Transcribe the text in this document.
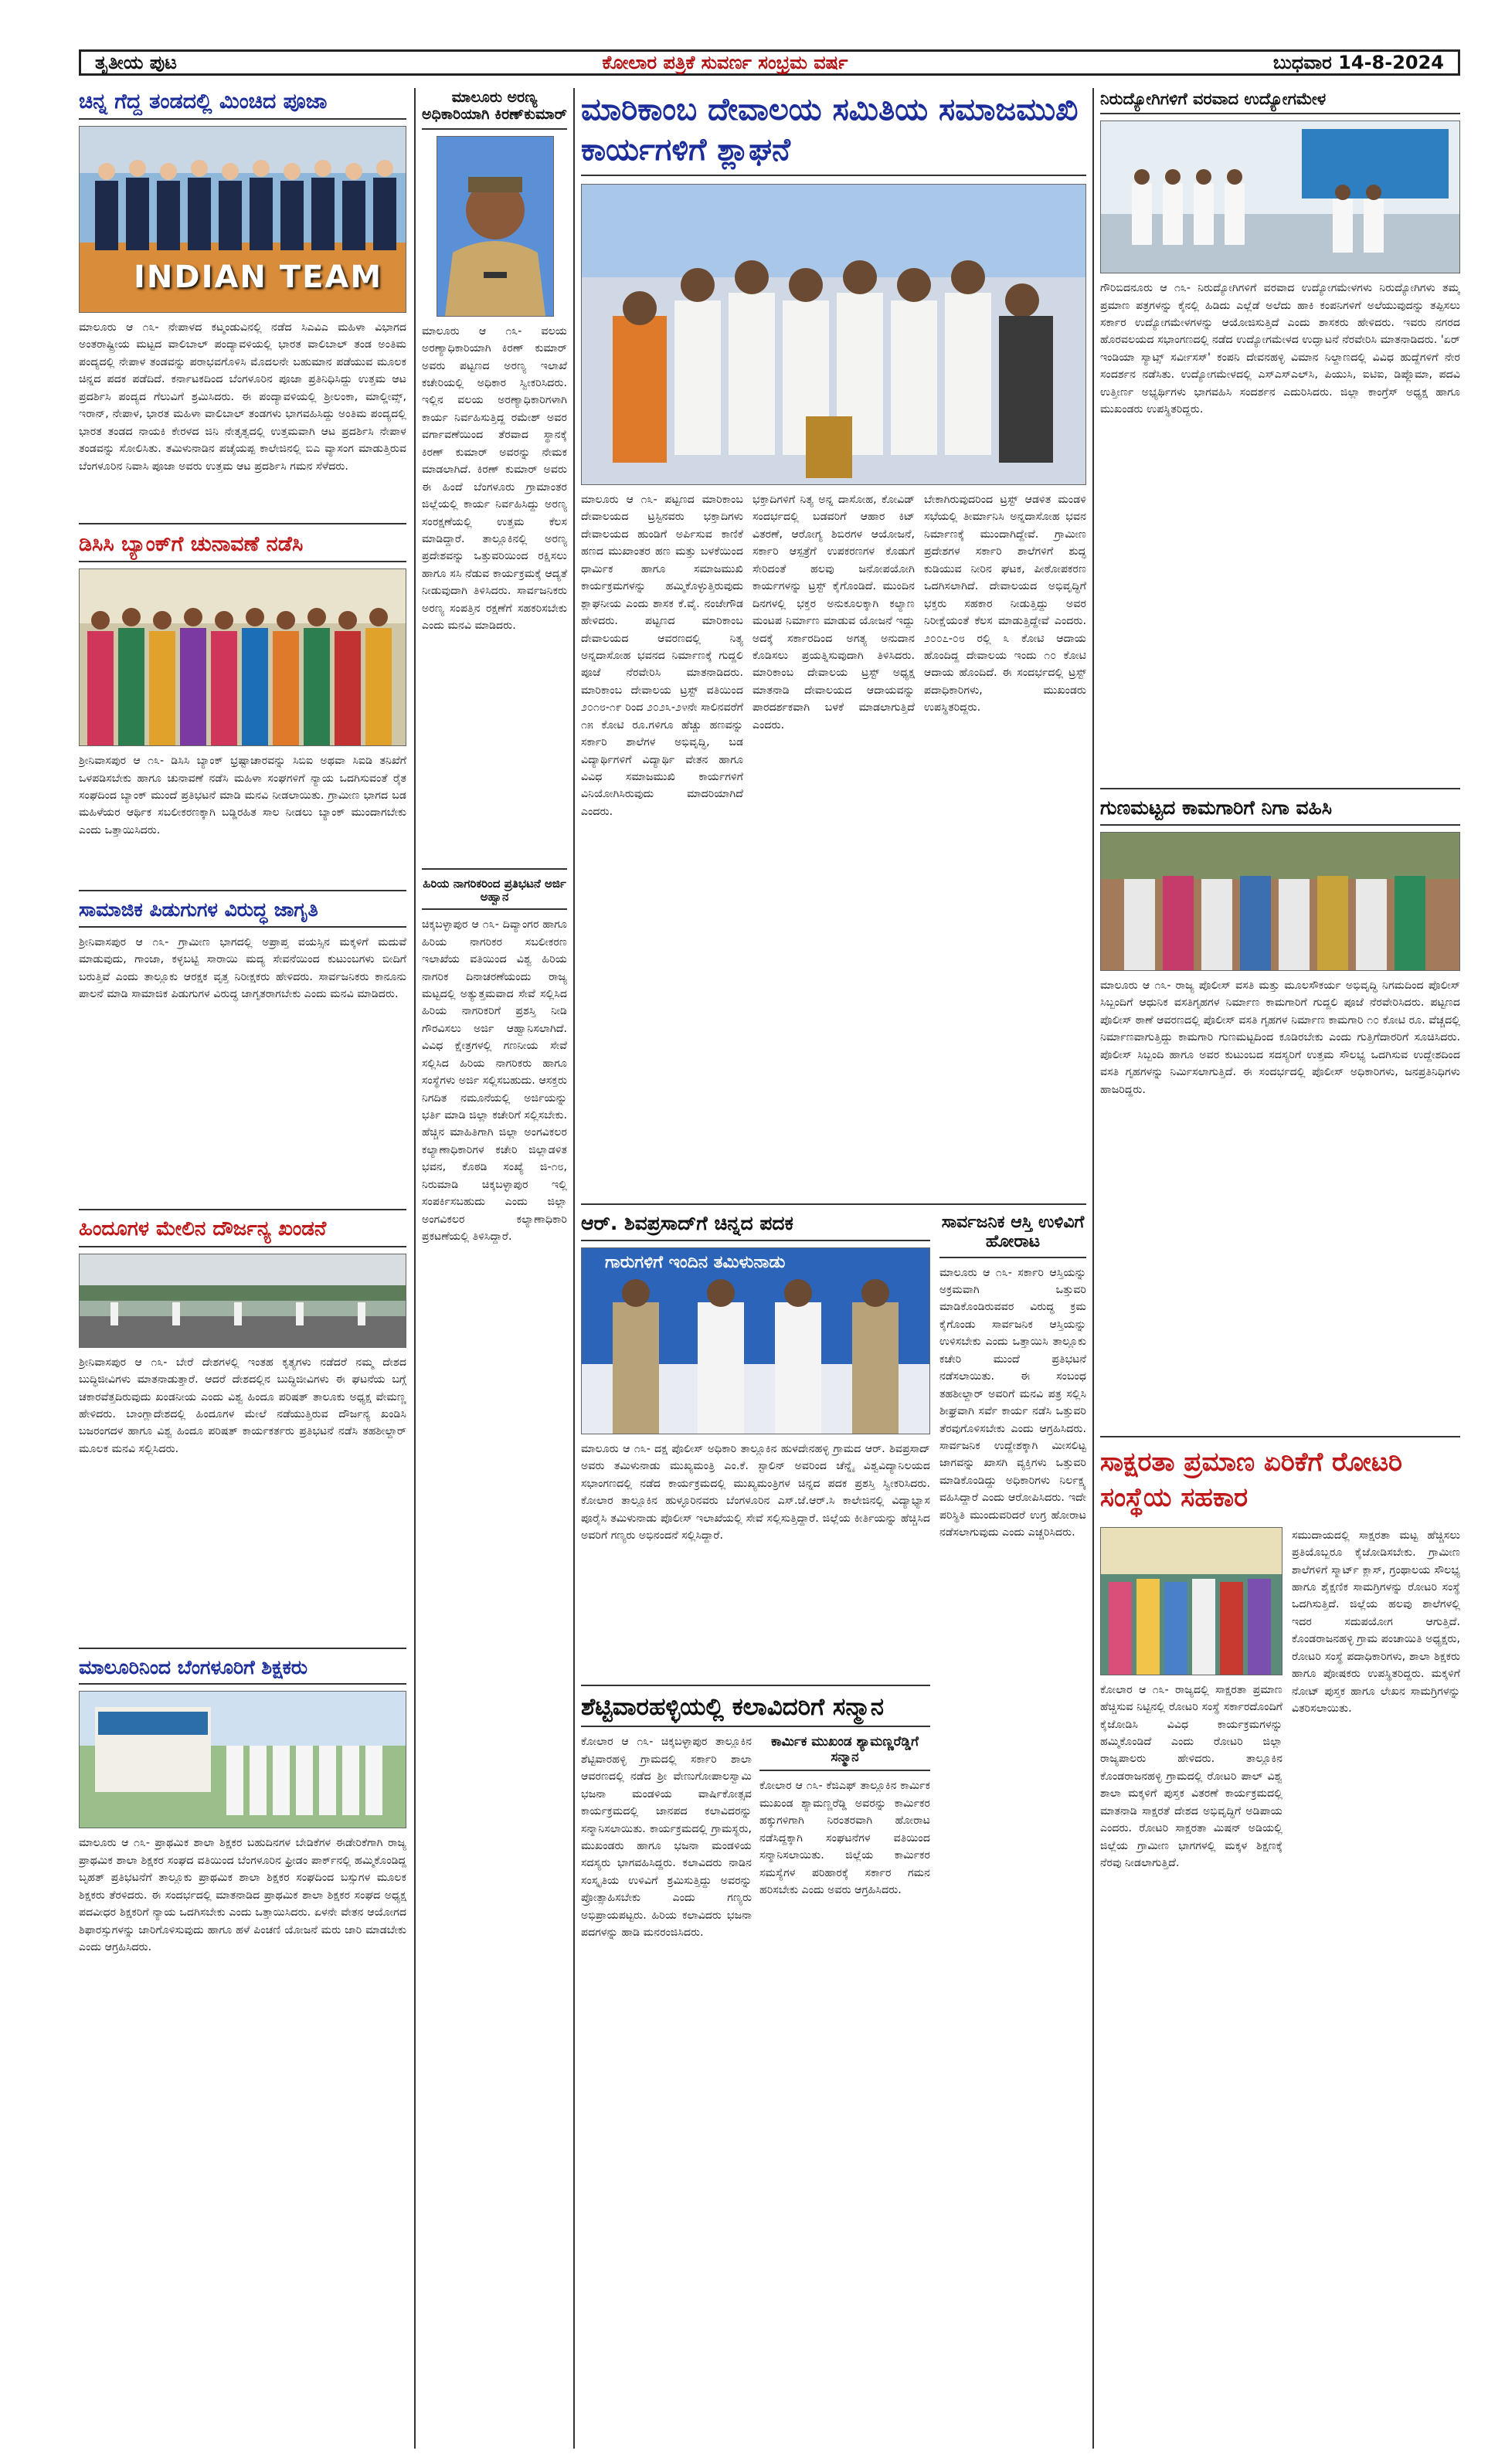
ತೃತೀಯ ಪುಟ	ಕೋಲಾರ ಪತ್ರಿಕೆ ಸುವರ್ಣ ಸಂಭ್ರಮ ವರ್ಷ	ಬುಧವಾರ 14-8-2024
ಚಿನ್ನ ಗೆದ್ದ ತಂಡದಲ್ಲಿ ಮಿಂಚಿದ ಪೂಜಾ
INDIAN TEAM

ಮಾಲೂರು ಆ ೧೩- ನೇಪಾಳದ ಕಟ್ಮಂಡುವಿನಲ್ಲಿ ನಡೆದ ಸಿಎವಿಎ ಮಹಿಳಾ ವಿಭಾಗದ ಅಂತರಾಷ್ಟ್ರೀಯ ಮಟ್ಟದ ವಾಲಿಬಾಲ್ ಪಂದ್ಯಾವಳಿಯಲ್ಲಿ ಭಾರತ ವಾಲಿಬಾಲ್ ತಂಡ ಅಂತಿಮ ಪಂದ್ಯದಲ್ಲಿ ನೇಪಾಳ ತಂಡವನ್ನು ಪರಾಭವಗೊಳಿಸಿ ಮೊದಲನೇ ಬಹುಮಾನ ಪಡೆಯುವ ಮೂಲಕ ಚಿನ್ನದ ಪದಕ ಪಡೆದಿದೆ. ಕರ್ನಾಟಕದಿಂದ ಬೆಂಗಳೂರಿನ ಪೂಜಾ ಪ್ರತಿನಿಧಿಸಿದ್ದು ಉತ್ತಮ ಆಟ ಪ್ರದರ್ಶಿಸಿ ಪಂದ್ಯದ ಗೆಲುವಿಗೆ ಶ್ರಮಿಸಿದರು. ಈ ಪಂದ್ಯಾವಳಿಯಲ್ಲಿ ಶ್ರೀಲಂಕಾ, ಮಾಲ್ಡೀವ್ಸ್, ಇರಾನ್, ನೇಪಾಳ, ಭಾರತ ಮಹಿಳಾ ವಾಲಿಬಾಲ್ ತಂಡಗಳು ಭಾಗವಹಿಸಿದ್ದು ಅಂತಿಮ ಪಂದ್ಯದಲ್ಲಿ ಭಾರತ ತಂಡದ ನಾಯಕಿ ಕೇರಳದ ಜಿನಿ ನೇತೃತ್ವದಲ್ಲಿ ಉತ್ತಮವಾಗಿ ಆಟ ಪ್ರದರ್ಶಿಸಿ ನೇಪಾಳ ತಂಡವನ್ನು ಸೋಲಿಸಿತು. ತಮಿಳುನಾಡಿನ ಪಚೈಯಪ್ಪ ಕಾಲೇಜಿನಲ್ಲಿ ಬಿಎ ವ್ಯಾಸಂಗ ಮಾಡುತ್ತಿರುವ ಬೆಂಗಳೂರಿನ ನಿವಾಸಿ ಪೂಜಾ ಅವರು ಉತ್ತಮ ಆಟ ಪ್ರದರ್ಶಿಸಿ ಗಮನ ಸೆಳೆದರು.

ಡಿಸಿಸಿ ಬ್ಯಾಂಕ್‌ಗೆ ಚುನಾವಣೆ ನಡೆಸಿ

ಶ್ರೀನಿವಾಸಪುರ ಆ ೧೩- ಡಿಸಿಸಿ ಬ್ಯಾಂಕ್ ಭ್ರಷ್ಟಾಚಾರವನ್ನು ಸಿಬಿಐ ಅಥವಾ ಸಿಐಡಿ ತನಿಖೆಗೆ ಒಳಪಡಿಸಬೇಕು ಹಾಗೂ ಚುನಾವಣೆ ನಡೆಸಿ ಮಹಿಳಾ ಸಂಘಗಳಿಗೆ ನ್ಯಾಯ ಒದಗಿಸುವಂತೆ ರೈತ ಸಂಘದಿಂದ ಬ್ಯಾಂಕ್ ಮುಂದೆ ಪ್ರತಿಭಟನೆ ಮಾಡಿ ಮನವಿ ನೀಡಲಾಯಿತು. ಗ್ರಾಮೀಣ ಭಾಗದ ಬಡ ಮಹಿಳೆಯರ ಆರ್ಥಿಕ ಸಬಲೀಕರಣಕ್ಕಾಗಿ ಬಡ್ಡಿರಹಿತ ಸಾಲ ನೀಡಲು ಬ್ಯಾಂಕ್ ಮುಂದಾಗಬೇಕು ಎಂದು ಒತ್ತಾಯಿಸಿದರು.

ಸಾಮಾಜಿಕ ಪಿಡುಗುಗಳ ವಿರುದ್ಧ ಜಾಗೃತಿ

ಶ್ರೀನಿವಾಸಪುರ ಆ ೧೩- ಗ್ರಾಮೀಣ ಭಾಗದಲ್ಲಿ ಅಪ್ರಾಪ್ತ ವಯಸ್ಸಿನ ಮಕ್ಕಳಿಗೆ ಮದುವೆ ಮಾಡುವುದು, ಗಾಂಜಾ, ಕಳ್ಳಬಟ್ಟಿ ಸಾರಾಯಿ ಮದ್ಯ ಸೇವನೆಯಿಂದ ಕುಟುಂಬಗಳು ಬೀದಿಗೆ ಬರುತ್ತಿವೆ ಎಂದು ತಾಲ್ಲೂಕು ಆರಕ್ಷಕ ವೃತ್ತ ನಿರೀಕ್ಷಕರು ಹೇಳಿದರು. ಸಾರ್ವಜನಿಕರು ಕಾನೂನು ಪಾಲನೆ ಮಾಡಿ ಸಾಮಾಜಿಕ ಪಿಡುಗುಗಳ ವಿರುದ್ಧ ಜಾಗೃತರಾಗಬೇಕು ಎಂದು ಮನವಿ ಮಾಡಿದರು.

ಹಿಂದೂಗಳ ಮೇಲಿನ ದೌರ್ಜನ್ಯ ಖಂಡನೆ

ಶ್ರೀನಿವಾಸಪುರ ಆ ೧೩- ಬೇರೆ ದೇಶಗಳಲ್ಲಿ ಇಂತಹ ಕೃತ್ಯಗಳು ನಡೆದರೆ ನಮ್ಮ ದೇಶದ ಬುದ್ಧಿಜೀವಿಗಳು ಮಾತನಾಡುತ್ತಾರೆ. ಆದರೆ ದೇಶದಲ್ಲಿನ ಬುದ್ಧಿಜೀವಿಗಳು ಈ ಘಟನೆಯ ಬಗ್ಗೆ ಚಕಾರವೆತ್ತದಿರುವುದು ಖಂಡನೀಯ ಎಂದು ವಿಶ್ವ ಹಿಂದೂ ಪರಿಷತ್ ತಾಲೂಕು ಅಧ್ಯಕ್ಷ ವೇಮಣ್ಣ ಹೇಳಿದರು. ಬಾಂಗ್ಲಾದೇಶದಲ್ಲಿ ಹಿಂದೂಗಳ ಮೇಲೆ ನಡೆಯುತ್ತಿರುವ ದೌರ್ಜನ್ಯ ಖಂಡಿಸಿ ಬಜರಂಗದಳ ಹಾಗೂ ವಿಶ್ವ ಹಿಂದೂ ಪರಿಷತ್ ಕಾರ್ಯಕರ್ತರು ಪ್ರತಿಭಟನೆ ನಡೆಸಿ ತಹಶೀಲ್ದಾರ್ ಮೂಲಕ ಮನವಿ ಸಲ್ಲಿಸಿದರು.

ಮಾಲೂರಿನಿಂದ ಬೆಂಗಳೂರಿಗೆ ಶಿಕ್ಷಕರು

ಮಾಲೂರು ಆ ೧೩- ಪ್ರಾಥಮಿಕ ಶಾಲಾ ಶಿಕ್ಷಕರ ಬಹುದಿನಗಳ ಬೇಡಿಕೆಗಳ ಈಡೇರಿಕೆಗಾಗಿ ರಾಜ್ಯ ಪ್ರಾಥಮಿಕ ಶಾಲಾ ಶಿಕ್ಷಕರ ಸಂಘದ ವತಿಯಿಂದ ಬೆಂಗಳೂರಿನ ಫ್ರೀಡಂ ಪಾರ್ಕ್‌ನಲ್ಲಿ ಹಮ್ಮಿಕೊಂಡಿದ್ದ ಬೃಹತ್ ಪ್ರತಿಭಟನೆಗೆ ತಾಲ್ಲೂಕು ಪ್ರಾಥಮಿಕ ಶಾಲಾ ಶಿಕ್ಷಕರ ಸಂಘದಿಂದ ಬಸ್ಸುಗಳ ಮೂಲಕ ಶಿಕ್ಷಕರು ತೆರಳಿದರು. ಈ ಸಂದರ್ಭದಲ್ಲಿ ಮಾತನಾಡಿದ ಪ್ರಾಥಮಿಕ ಶಾಲಾ ಶಿಕ್ಷಕರ ಸಂಘದ ಅಧ್ಯಕ್ಷ ಪದವೀಧರ ಶಿಕ್ಷಕರಿಗೆ ನ್ಯಾಯ ಒದಗಿಸಬೇಕು ಎಂದು ಒತ್ತಾಯಿಸಿದರು. ಏಳನೇ ವೇತನ ಆಯೋಗದ ಶಿಫಾರಸ್ಸುಗಳನ್ನು ಜಾರಿಗೊಳಿಸುವುದು ಹಾಗೂ ಹಳೆ ಪಿಂಚಣಿ ಯೋಜನೆ ಮರು ಜಾರಿ ಮಾಡಬೇಕು ಎಂದು ಆಗ್ರಹಿಸಿದರು.

ಮಾಲೂರು ಅರಣ್ಯ ಅಧಿಕಾರಿಯಾಗಿ ಕಿರಣ್‌ಕುಮಾರ್

ಮಾಲೂರು ಆ ೧೩- ವಲಯ ಅರಣ್ಯಾಧಿಕಾರಿಯಾಗಿ ಕಿರಣ್ ಕುಮಾರ್ ಅವರು ಪಟ್ಟಣದ ಅರಣ್ಯ ಇಲಾಖೆ ಕಚೇರಿಯಲ್ಲಿ ಅಧಿಕಾರ ಸ್ವೀಕರಿಸಿದರು. ಇಲ್ಲಿನ ವಲಯ ಅರಣ್ಯಾಧಿಕಾರಿಗಳಾಗಿ ಕಾರ್ಯ ನಿರ್ವಹಿಸುತ್ತಿದ್ದ ರಮೇಶ್ ಅವರ ವರ್ಗಾವಣೆಯಿಂದ ತೆರವಾದ ಸ್ಥಾನಕ್ಕೆ ಕಿರಣ್ ಕುಮಾರ್ ಅವರನ್ನು ನೇಮಕ ಮಾಡಲಾಗಿದೆ. ಕಿರಣ್ ಕುಮಾರ್ ಅವರು ಈ ಹಿಂದೆ ಬೆಂಗಳೂರು ಗ್ರಾಮಾಂತರ ಜಿಲ್ಲೆಯಲ್ಲಿ ಕಾರ್ಯ ನಿರ್ವಹಿಸಿದ್ದು ಅರಣ್ಯ ಸಂರಕ್ಷಣೆಯಲ್ಲಿ ಉತ್ತಮ ಕೆಲಸ ಮಾಡಿದ್ದಾರೆ. ತಾಲ್ಲೂಕಿನಲ್ಲಿ ಅರಣ್ಯ ಪ್ರದೇಶವನ್ನು ಒತ್ತುವರಿಯಿಂದ ರಕ್ಷಿಸಲು ಹಾಗೂ ಸಸಿ ನೆಡುವ ಕಾರ್ಯಕ್ರಮಕ್ಕೆ ಆದ್ಯತೆ ನೀಡುವುದಾಗಿ ತಿಳಿಸಿದರು. ಸಾರ್ವಜನಿಕರು ಅರಣ್ಯ ಸಂಪತ್ತಿನ ರಕ್ಷಣೆಗೆ ಸಹಕರಿಸಬೇಕು ಎಂದು ಮನವಿ ಮಾಡಿದರು.

ಹಿರಿಯ ನಾಗರಿಕರಿಂದ ಪ್ರತಿಭಟನೆ ಅರ್ಜಿ ಅಹ್ವಾನ

ಚಿಕ್ಕಬಳ್ಳಾಪುರ ಆ ೧೩- ದಿವ್ಯಾಂಗರ ಹಾಗೂ ಹಿರಿಯ ನಾಗರಿಕರ ಸಬಲೀಕರಣ ಇಲಾಖೆಯ ವತಿಯಿಂದ ವಿಶ್ವ ಹಿರಿಯ ನಾಗರಿಕ ದಿನಾಚರಣೆಯಂದು ರಾಜ್ಯ ಮಟ್ಟದಲ್ಲಿ ಅತ್ಯುತ್ತಮವಾದ ಸೇವೆ ಸಲ್ಲಿಸಿದ ಹಿರಿಯ ನಾಗರಿಕರಿಗೆ ಪ್ರಶಸ್ತಿ ನೀಡಿ ಗೌರವಿಸಲು ಅರ್ಜಿ ಆಹ್ವಾನಿಸಲಾಗಿದೆ. ವಿವಿಧ ಕ್ಷೇತ್ರಗಳಲ್ಲಿ ಗಣನೀಯ ಸೇವೆ ಸಲ್ಲಿಸಿದ ಹಿರಿಯ ನಾಗರಿಕರು ಹಾಗೂ ಸಂಸ್ಥೆಗಳು ಅರ್ಜಿ ಸಲ್ಲಿಸಬಹುದು. ಆಸಕ್ತರು ನಿಗದಿತ ನಮೂನೆಯಲ್ಲಿ ಅರ್ಜಿಯನ್ನು ಭರ್ತಿ ಮಾಡಿ ಜಿಲ್ಲಾ ಕಚೇರಿಗೆ ಸಲ್ಲಿಸಬೇಕು. ಹೆಚ್ಚಿನ ಮಾಹಿತಿಗಾಗಿ ಜಿಲ್ಲಾ ಅಂಗವಿಕಲರ ಕಲ್ಯಾಣಾಧಿಕಾರಿಗಳ ಕಚೇರಿ ಜಿಲ್ಲಾಡಳಿತ ಭವನ, ಕೊಠಡಿ ಸಂಖ್ಯೆ ಜಿ-೧೮, ನಿರುಮಾಡಿ ಚಿಕ್ಕಬಳ್ಳಾಪುರ ಇಲ್ಲಿ ಸಂಪರ್ಕಿಸಬಹುದು ಎಂದು ಜಿಲ್ಲಾ ಅಂಗವಿಕಲರ ಕಲ್ಯಾಣಾಧಿಕಾರಿ ಪ್ರಕಟಣೆಯಲ್ಲಿ ತಿಳಿಸಿದ್ದಾರೆ.

ಮಾರಿಕಾಂಬ ದೇವಾಲಯ ಸಮಿತಿಯ ಸಮಾಜಮುಖಿ ಕಾರ್ಯಗಳಿಗೆ ಶ್ಲಾಘನೆ

ಮಾಲೂರು ಆ ೧೩- ಪಟ್ಟಣದ ಮಾರಿಕಾಂಬ ದೇವಾಲಯದ ಟ್ರಸ್ಟಿನವರು ಭಕ್ತಾದಿಗಳು ದೇವಾಲಯದ ಹುಂಡಿಗೆ ಅರ್ಪಿಸುವ ಕಾಣಿಕೆ ಹಣದ ಮುಖಾಂತರ ಹಣ ಮತ್ತು ಬಳಕೆಯಿಂದ ಧಾರ್ಮಿಕ ಹಾಗೂ ಸಮಾಜಮುಖಿ ಕಾರ್ಯಕ್ರಮಗಳನ್ನು ಹಮ್ಮಿಕೊಳ್ಳುತ್ತಿರುವುದು ಶ್ಲಾಘನೀಯ ಎಂದು ಶಾಸಕ ಕೆ.ವೈ. ನಂಜೇಗೌಡ ಹೇಳಿದರು. ಪಟ್ಟಣದ ಮಾರಿಕಾಂಬ ದೇವಾಲಯದ ಆವರಣದಲ್ಲಿ ನಿತ್ಯ ಅನ್ನದಾಸೋಹ ಭವನದ ನಿರ್ಮಾಣಕ್ಕೆ ಗುದ್ದಲಿ ಪೂಜೆ ನೆರವೇರಿಸಿ ಮಾತನಾಡಿದರು. ಮಾರಿಕಾಂಬ ದೇವಾಲಯ ಟ್ರಸ್ಟ್ ವತಿಯಿಂದ ೨೦೧೮-೧೯ ರಿಂದ ೨೦೨೩-೨೪ನೇ ಸಾಲಿನವರೆಗೆ ೧೫ ಕೋಟಿ ರೂ.ಗಳಿಗೂ ಹೆಚ್ಚು ಹಣವನ್ನು ಸರ್ಕಾರಿ ಶಾಲೆಗಳ ಅಭಿವೃದ್ಧಿ, ಬಡ ವಿದ್ಯಾರ್ಥಿಗಳಿಗೆ ವಿದ್ಯಾರ್ಥಿ ವೇತನ ಹಾಗೂ ವಿವಿಧ ಸಮಾಜಮುಖಿ ಕಾರ್ಯಗಳಿಗೆ ವಿನಿಯೋಗಿಸಿರುವುದು ಮಾದರಿಯಾಗಿದೆ ಎಂದರು.

ಭಕ್ತಾದಿಗಳಿಗೆ ನಿತ್ಯ ಅನ್ನ ದಾಸೋಹ, ಕೋವಿಡ್ ಸಂದರ್ಭದಲ್ಲಿ ಬಡವರಿಗೆ ಆಹಾರ ಕಿಟ್ ವಿತರಣೆ, ಆರೋಗ್ಯ ಶಿಬಿರಗಳ ಆಯೋಜನೆ, ಸರ್ಕಾರಿ ಆಸ್ಪತ್ರೆಗೆ ಉಪಕರಣಗಳ ಕೊಡುಗೆ ಸೇರಿದಂತೆ ಹಲವು ಜನೋಪಯೋಗಿ ಕಾರ್ಯಗಳನ್ನು ಟ್ರಸ್ಟ್ ಕೈಗೊಂಡಿದೆ. ಮುಂದಿನ ದಿನಗಳಲ್ಲಿ ಭಕ್ತರ ಅನುಕೂಲಕ್ಕಾಗಿ ಕಲ್ಯಾಣ ಮಂಟಪ ನಿರ್ಮಾಣ ಮಾಡುವ ಯೋಜನೆ ಇದ್ದು ಅದಕ್ಕೆ ಸರ್ಕಾರದಿಂದ ಅಗತ್ಯ ಅನುದಾನ ಕೊಡಿಸಲು ಪ್ರಯತ್ನಿಸುವುದಾಗಿ ತಿಳಿಸಿದರು. ಮಾರಿಕಾಂಬ ದೇವಾಲಯ ಟ್ರಸ್ಟ್ ಅಧ್ಯಕ್ಷ ಮಾತನಾಡಿ ದೇವಾಲಯದ ಆದಾಯವನ್ನು ಪಾರದರ್ಶಕವಾಗಿ ಬಳಕೆ ಮಾಡಲಾಗುತ್ತಿದೆ ಎಂದರು.

ಬೇಕಾಗಿರುವುದರಿಂದ ಟ್ರಸ್ಟ್ ಆಡಳಿತ ಮಂಡಳಿ ಸಭೆಯಲ್ಲಿ ತೀರ್ಮಾನಿಸಿ ಅನ್ನದಾಸೋಹ ಭವನ ನಿರ್ಮಾಣಕ್ಕೆ ಮುಂದಾಗಿದ್ದೇವೆ. ಗ್ರಾಮೀಣ ಪ್ರದೇಶಗಳ ಸರ್ಕಾರಿ ಶಾಲೆಗಳಿಗೆ ಶುದ್ಧ ಕುಡಿಯುವ ನೀರಿನ ಘಟಕ, ಪೀಠೋಪಕರಣ ಒದಗಿಸಲಾಗಿದೆ. ದೇವಾಲಯದ ಅಭಿವೃದ್ಧಿಗೆ ಭಕ್ತರು ಸಹಕಾರ ನೀಡುತ್ತಿದ್ದು ಅವರ ನಿರೀಕ್ಷೆಯಂತೆ ಕೆಲಸ ಮಾಡುತ್ತಿದ್ದೇವೆ ಎಂದರು. ೨೦೦೭-೦೮ ರಲ್ಲಿ ೩ ಕೋಟಿ ಆದಾಯ ಹೊಂದಿದ್ದ ದೇವಾಲಯ ಇಂದು ೧೦ ಕೋಟಿ ಆದಾಯ ಹೊಂದಿದೆ. ಈ ಸಂದರ್ಭದಲ್ಲಿ ಟ್ರಸ್ಟ್ ಪದಾಧಿಕಾರಿಗಳು, ಮುಖಂಡರು ಉಪಸ್ಥಿತರಿದ್ದರು.

ಆರ್. ಶಿವಪ್ರಸಾದ್‌ಗೆ ಚಿನ್ನದ ಪದಕ
ಗಾರುಗಳಿಗೆ ಇಂದಿನ ತಮಿಳುನಾಡು

ಮಾಲೂರು ಆ ೧೩- ದಕ್ಷ ಪೊಲೀಸ್ ಅಧಿಕಾರಿ ತಾಲ್ಲೂಕಿನ ಹುಳದೇನಹಳ್ಳಿ ಗ್ರಾಮದ ಆರ್. ಶಿವಪ್ರಸಾದ್ ಅವರು ತಮಿಳುನಾಡು ಮುಖ್ಯಮಂತ್ರಿ ಎಂ.ಕೆ. ಸ್ಟಾಲಿನ್ ಅವರಿಂದ ಚೆನ್ನೈ ವಿಶ್ವವಿದ್ಯಾನಿಲಯದ ಸಭಾಂಗಣದಲ್ಲಿ ನಡೆದ ಕಾರ್ಯಕ್ರಮದಲ್ಲಿ ಮುಖ್ಯಮಂತ್ರಿಗಳ ಚಿನ್ನದ ಪದಕ ಪ್ರಶಸ್ತಿ ಸ್ವೀಕರಿಸಿದರು. ಕೋಲಾರ ತಾಲ್ಲೂಕಿನ ಹುಳ್ಳೂರಿನವರು ಬೆಂಗಳೂರಿನ ಎಸ್.ಜೆ.ಆರ್.ಸಿ ಕಾಲೇಜಿನಲ್ಲಿ ವಿದ್ಯಾಭ್ಯಾಸ ಪೂರೈಸಿ ತಮಿಳುನಾಡು ಪೊಲೀಸ್ ಇಲಾಖೆಯಲ್ಲಿ ಸೇವೆ ಸಲ್ಲಿಸುತ್ತಿದ್ದಾರೆ. ಜಿಲ್ಲೆಯ ಕೀರ್ತಿಯನ್ನು ಹೆಚ್ಚಿಸಿದ ಅವರಿಗೆ ಗಣ್ಯರು ಅಭಿನಂದನೆ ಸಲ್ಲಿಸಿದ್ದಾರೆ.

ಶೆಟ್ಟಿವಾರಹಳ್ಳಿಯಲ್ಲಿ ಕಲಾವಿದರಿಗೆ ಸನ್ಮಾನ

ಕೋಲಾರ ಆ ೧೩- ಚಿಕ್ಕಬಳ್ಳಾಪುರ ತಾಲ್ಲೂಕಿನ ಶೆಟ್ಟಿವಾರಹಳ್ಳಿ ಗ್ರಾಮದಲ್ಲಿ ಸರ್ಕಾರಿ ಶಾಲಾ ಆವರಣದಲ್ಲಿ ನಡೆದ ಶ್ರೀ ವೇಣುಗೋಪಾಲಸ್ವಾಮಿ ಭಜನಾ ಮಂಡಳಿಯ ವಾರ್ಷಿಕೋತ್ಸವ ಕಾರ್ಯಕ್ರಮದಲ್ಲಿ ಜಾನಪದ ಕಲಾವಿದರನ್ನು ಸನ್ಮಾನಿಸಲಾಯಿತು. ಕಾರ್ಯಕ್ರಮದಲ್ಲಿ ಗ್ರಾಮಸ್ಥರು, ಮುಖಂಡರು ಹಾಗೂ ಭಜನಾ ಮಂಡಳಿಯ ಸದಸ್ಯರು ಭಾಗವಹಿಸಿದ್ದರು. ಕಲಾವಿದರು ನಾಡಿನ ಸಂಸ್ಕೃತಿಯ ಉಳಿವಿಗೆ ಶ್ರಮಿಸುತ್ತಿದ್ದು ಅವರನ್ನು ಪ್ರೋತ್ಸಾಹಿಸಬೇಕು ಎಂದು ಗಣ್ಯರು ಅಭಿಪ್ರಾಯಪಟ್ಟರು. ಹಿರಿಯ ಕಲಾವಿದರು ಭಜನಾ ಪದಗಳನ್ನು ಹಾಡಿ ಮನರಂಜಿಸಿದರು.

ಕಾರ್ಮಿಕ ಮುಖಂಡ ಶ್ಯಾಮಣ್ಣರೆಡ್ಡಿಗೆ ಸನ್ಮಾನ

ಕೋಲಾರ ಆ ೧೩- ಕೆಜಿಎಫ್ ತಾಲ್ಲೂಕಿನ ಕಾರ್ಮಿಕ ಮುಖಂಡ ಶ್ಯಾಮಣ್ಣರೆಡ್ಡಿ ಅವರನ್ನು ಕಾರ್ಮಿಕರ ಹಕ್ಕುಗಳಿಗಾಗಿ ನಿರಂತರವಾಗಿ ಹೋರಾಟ ನಡೆಸಿದ್ದಕ್ಕಾಗಿ ಸಂಘಟನೆಗಳ ವತಿಯಿಂದ ಸನ್ಮಾನಿಸಲಾಯಿತು. ಜಿಲ್ಲೆಯ ಕಾರ್ಮಿಕರ ಸಮಸ್ಯೆಗಳ ಪರಿಹಾರಕ್ಕೆ ಸರ್ಕಾರ ಗಮನ ಹರಿಸಬೇಕು ಎಂದು ಅವರು ಆಗ್ರಹಿಸಿದರು.

ಸಾರ್ವಜನಿಕ ಆಸ್ತಿ ಉಳಿವಿಗೆ ಹೋರಾಟ

ಮಾಲೂರು ಆ ೧೩- ಸರ್ಕಾರಿ ಆಸ್ತಿಯನ್ನು ಅಕ್ರಮವಾಗಿ ಒತ್ತುವರಿ ಮಾಡಿಕೊಂಡಿರುವವರ ವಿರುದ್ಧ ಕ್ರಮ ಕೈಗೊಂಡು ಸಾರ್ವಜನಿಕ ಆಸ್ತಿಯನ್ನು ಉಳಿಸಬೇಕು ಎಂದು ಒತ್ತಾಯಿಸಿ ತಾಲ್ಲೂಕು ಕಚೇರಿ ಮುಂದೆ ಪ್ರತಿಭಟನೆ ನಡೆಸಲಾಯಿತು. ಈ ಸಂಬಂಧ ತಹಶೀಲ್ದಾರ್ ಅವರಿಗೆ ಮನವಿ ಪತ್ರ ಸಲ್ಲಿಸಿ ಶೀಘ್ರವಾಗಿ ಸರ್ವೆ ಕಾರ್ಯ ನಡೆಸಿ ಒತ್ತುವರಿ ತೆರವುಗೊಳಿಸಬೇಕು ಎಂದು ಆಗ್ರಹಿಸಿದರು. ಸಾರ್ವಜನಿಕ ಉದ್ದೇಶಕ್ಕಾಗಿ ಮೀಸಲಿಟ್ಟ ಜಾಗವನ್ನು ಖಾಸಗಿ ವ್ಯಕ್ತಿಗಳು ಒತ್ತುವರಿ ಮಾಡಿಕೊಂಡಿದ್ದು ಅಧಿಕಾರಿಗಳು ನಿರ್ಲಕ್ಷ್ಯ ವಹಿಸಿದ್ದಾರೆ ಎಂದು ಆರೋಪಿಸಿದರು. ಇದೇ ಪರಿಸ್ಥಿತಿ ಮುಂದುವರಿದರೆ ಉಗ್ರ ಹೋರಾಟ ನಡೆಸಲಾಗುವುದು ಎಂದು ಎಚ್ಚರಿಸಿದರು.

ನಿರುದ್ಯೋಗಿಗಳಿಗೆ ವರವಾದ ಉದ್ಯೋಗಮೇಳ

ಗೌರಿಬಿದನೂರು ಆ ೧೩- ನಿರುದ್ಯೋಗಿಗಳಿಗೆ ವರವಾದ ಉದ್ಯೋಗಮೇಳಗಳು ನಿರುದ್ಯೋಗಿಗಳು ತಮ್ಮ ಪ್ರಮಾಣ ಪತ್ರಗಳನ್ನು ಕೈನಲ್ಲಿ ಹಿಡಿದು ಎಲ್ಲೆಡೆ ಅಲೆದು ಹಾಕಿ ಕಂಪನಿಗಳಿಗೆ ಅಲೆಯುವುದನ್ನು ತಪ್ಪಿಸಲು ಸರ್ಕಾರ ಉದ್ಯೋಗಮೇಳಗಳನ್ನು ಆಯೋಜಿಸುತ್ತಿದೆ ಎಂದು ಶಾಸಕರು ಹೇಳಿದರು. ಇವರು ನಗರದ ಹೊರವಲಯದ ಸಭಾಂಗಣದಲ್ಲಿ ನಡೆದ ಉದ್ಯೋಗಮೇಳದ ಉದ್ಘಾಟನೆ ನೆರವೇರಿಸಿ ಮಾತನಾಡಿದರು. 'ಏರ್ ಇಂಡಿಯಾ ಸ್ಯಾಟ್ಸ್ ಸರ್ವೀಸಸ್' ಕಂಪನಿ ದೇವನಹಳ್ಳಿ ವಿಮಾನ ನಿಲ್ದಾಣದಲ್ಲಿ ವಿವಿಧ ಹುದ್ದೆಗಳಿಗೆ ನೇರ ಸಂದರ್ಶನ ನಡೆಸಿತು. ಉದ್ಯೋಗಮೇಳದಲ್ಲಿ ಎಸ್ಎಸ್ಎಲ್‌ಸಿ, ಪಿಯುಸಿ, ಐಟಿಐ, ಡಿಪ್ಲೊಮಾ, ಪದವಿ ಉತ್ತೀರ್ಣ ಅಭ್ಯರ್ಥಿಗಳು ಭಾಗವಹಿಸಿ ಸಂದರ್ಶನ ಎದುರಿಸಿದರು. ಜಿಲ್ಲಾ ಕಾಂಗ್ರೆಸ್ ಅಧ್ಯಕ್ಷ ಹಾಗೂ ಮುಖಂಡರು ಉಪಸ್ಥಿತರಿದ್ದರು.

ಗುಣಮಟ್ಟದ ಕಾಮಗಾರಿಗೆ ನಿಗಾ ವಹಿಸಿ

ಮಾಲೂರು ಆ ೧೩- ರಾಜ್ಯ ಪೊಲೀಸ್ ವಸತಿ ಮತ್ತು ಮೂಲಸೌಕರ್ಯ ಅಭಿವೃದ್ಧಿ ನಿಗಮದಿಂದ ಪೊಲೀಸ್ ಸಿಬ್ಬಂದಿಗೆ ಆಧುನಿಕ ವಸತಿಗೃಹಗಳ ನಿರ್ಮಾಣ ಕಾಮಗಾರಿಗೆ ಗುದ್ದಲಿ ಪೂಜೆ ನೆರವೇರಿಸಿದರು. ಪಟ್ಟಣದ ಪೊಲೀಸ್ ಠಾಣೆ ಆವರಣದಲ್ಲಿ ಪೊಲೀಸ್ ವಸತಿ ಗೃಹಗಳ ನಿರ್ಮಾಣ ಕಾಮಗಾರಿ ೧೦ ಕೋಟಿ ರೂ. ವೆಚ್ಚದಲ್ಲಿ ನಿರ್ಮಾಣವಾಗುತ್ತಿದ್ದು ಕಾಮಗಾರಿ ಗುಣಮಟ್ಟದಿಂದ ಕೂಡಿರಬೇಕು ಎಂದು ಗುತ್ತಿಗೆದಾರರಿಗೆ ಸೂಚಿಸಿದರು. ಪೊಲೀಸ್ ಸಿಬ್ಬಂದಿ ಹಾಗೂ ಅವರ ಕುಟುಂಬದ ಸದಸ್ಯರಿಗೆ ಉತ್ತಮ ಸೌಲಭ್ಯ ಒದಗಿಸುವ ಉದ್ದೇಶದಿಂದ ವಸತಿ ಗೃಹಗಳನ್ನು ನಿರ್ಮಿಸಲಾಗುತ್ತಿದೆ. ಈ ಸಂದರ್ಭದಲ್ಲಿ ಪೊಲೀಸ್ ಅಧಿಕಾರಿಗಳು, ಜನಪ್ರತಿನಿಧಿಗಳು ಹಾಜರಿದ್ದರು.

ಸಾಕ್ಷರತಾ ಪ್ರಮಾಣ ಏರಿಕೆಗೆ ರೋಟರಿ ಸಂಸ್ಥೆಯ ಸಹಕಾರ

ಕೋಲಾರ ಆ ೧೩- ರಾಜ್ಯದಲ್ಲಿ ಸಾಕ್ಷರತಾ ಪ್ರಮಾಣ ಹೆಚ್ಚಿಸುವ ನಿಟ್ಟಿನಲ್ಲಿ ರೋಟರಿ ಸಂಸ್ಥೆ ಸರ್ಕಾರದೊಂದಿಗೆ ಕೈಜೋಡಿಸಿ ವಿವಿಧ ಕಾರ್ಯಕ್ರಮಗಳನ್ನು ಹಮ್ಮಿಕೊಂಡಿದೆ ಎಂದು ರೋಟರಿ ಜಿಲ್ಲಾ ರಾಜ್ಯಪಾಲರು ಹೇಳಿದರು. ತಾಲ್ಲೂಕಿನ ಕೊಂಡರಾಜನಹಳ್ಳಿ ಗ್ರಾಮದಲ್ಲಿ ರೋಟರಿ ಪಾಲ್ ವಿಶ್ವ ಶಾಲಾ ಮಕ್ಕಳಿಗೆ ಪುಸ್ತಕ ವಿತರಣೆ ಕಾರ್ಯಕ್ರಮದಲ್ಲಿ ಮಾತನಾಡಿ ಸಾಕ್ಷರತೆ ದೇಶದ ಅಭಿವೃದ್ಧಿಗೆ ಅಡಿಪಾಯ ಎಂದರು. ರೋಟರಿ ಸಾಕ್ಷರತಾ ಮಿಷನ್ ಅಡಿಯಲ್ಲಿ ಜಿಲ್ಲೆಯ ಗ್ರಾಮೀಣ ಭಾಗಗಳಲ್ಲಿ ಮಕ್ಕಳ ಶಿಕ್ಷಣಕ್ಕೆ ನೆರವು ನೀಡಲಾಗುತ್ತಿದೆ.

ಸಮುದಾಯದಲ್ಲಿ ಸಾಕ್ಷರತಾ ಮಟ್ಟ ಹೆಚ್ಚಿಸಲು ಪ್ರತಿಯೊಬ್ಬರೂ ಕೈಜೋಡಿಸಬೇಕು. ಗ್ರಾಮೀಣ ಶಾಲೆಗಳಿಗೆ ಸ್ಮಾರ್ಟ್ ಕ್ಲಾಸ್, ಗ್ರಂಥಾಲಯ ಸೌಲಭ್ಯ ಹಾಗೂ ಶೈಕ್ಷಣಿಕ ಸಾಮಗ್ರಿಗಳನ್ನು ರೋಟರಿ ಸಂಸ್ಥೆ ಒದಗಿಸುತ್ತಿದೆ. ಜಿಲ್ಲೆಯ ಹಲವು ಶಾಲೆಗಳಲ್ಲಿ ಇದರ ಸದುಪಯೋಗ ಆಗುತ್ತಿದೆ. ಕೊಂಡರಾಜನಹಳ್ಳಿ ಗ್ರಾಮ ಪಂಚಾಯಿತಿ ಅಧ್ಯಕ್ಷರು, ರೋಟರಿ ಸಂಸ್ಥೆ ಪದಾಧಿಕಾರಿಗಳು, ಶಾಲಾ ಶಿಕ್ಷಕರು ಹಾಗೂ ಪೋಷಕರು ಉಪಸ್ಥಿತರಿದ್ದರು. ಮಕ್ಕಳಿಗೆ ನೋಟ್ ಪುಸ್ತಕ ಹಾಗೂ ಲೇಖನ ಸಾಮಗ್ರಿಗಳನ್ನು ವಿತರಿಸಲಾಯಿತು.
